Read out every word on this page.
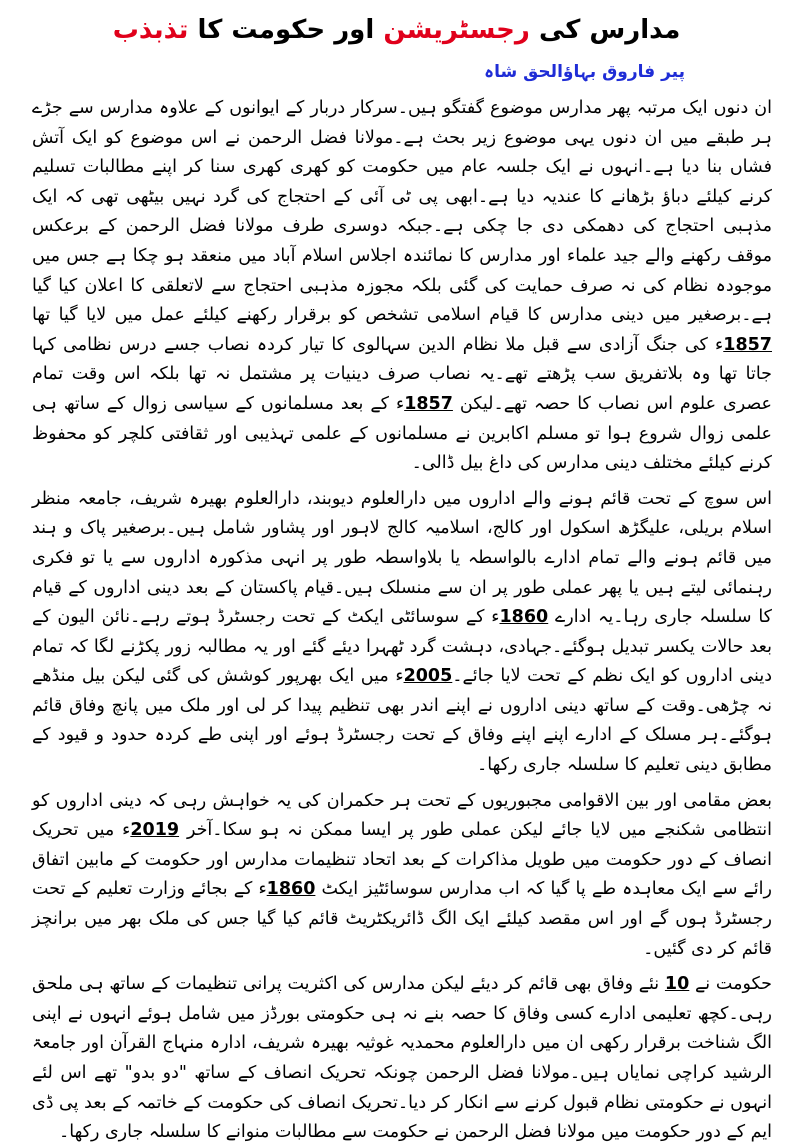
مدارس کی رجسٹریشن اور حکومت کا تذبذب
پیر فاروق بہاؤالحق شاہ

ان دنوں ایک مرتبہ پھر مدارس موضوع گفتگو ہیں۔سرکار دربار کے ایوانوں کے علاوہ مدارس سے جڑے ہر طبقے میں ان دنوں یہی موضوع زیر بحث ہے۔مولانا فضل الرحمن نے اس موضوع کو ایک آتش فشاں بنا دیا ہے۔انہوں نے ایک جلسہ عام میں حکومت کو کھری کھری سنا کر اپنے مطالبات تسلیم کرنے کیلئے دباؤ بڑھانے کا عندیہ دیا ہے۔ابھی پی ٹی آئی کے احتجاج کی گرد نہیں بیٹھی تھی کہ ایک مذہبی احتجاج کی دھمکی دی جا چکی ہے۔جبکہ دوسری طرف مولانا فضل الرحمن کے برعکس موقف رکھنے والے جید علماء اور مدارس کا نمائندہ اجلاس اسلام آباد میں منعقد ہو چکا ہے جس میں موجودہ نظام کی نہ صرف حمایت کی گئی بلکہ مجوزہ مذہبی احتجاج سے لاتعلقی کا اعلان کیا گیا ہے۔برصغیر میں دینی مدارس کا قیام اسلامی تشخص کو برقرار رکھنے کیلئے عمل میں لایا گیا تھا 1857ء کی جنگ آزادی سے قبل ملا نظام الدین سہالوی کا تیار کردہ نصاب جسے درس نظامی کہا جاتا تھا وہ بلاتفریق سب پڑھتے تھے۔یہ نصاب صرف دینیات پر مشتمل نہ تھا بلکہ اس وقت تمام عصری علوم اس نصاب کا حصہ تھے۔لیکن 1857ء کے بعد مسلمانوں کے سیاسی زوال کے ساتھ ہی علمی زوال شروع ہوا تو مسلم اکابرین نے مسلمانوں کے علمی تہذیبی اور ثقافتی کلچر کو محفوظ کرنے کیلئے مختلف دینی مدارس کی داغ بیل ڈالی۔

اس سوچ کے تحت قائم ہونے والے اداروں میں دارالعلوم دیوبند، دارالعلوم بھیرہ شریف، جامعہ منظر اسلام بریلی، علیگڑھ اسکول اور کالج، اسلامیہ کالج لاہور اور پشاور شامل ہیں۔برصغیر پاک و ہند میں قائم ہونے والے تمام ادارے بالواسطہ یا بلاواسطہ طور پر انہی مذکورہ اداروں سے یا تو فکری رہنمائی لیتے ہیں یا پھر عملی طور پر ان سے منسلک ہیں۔قیام پاکستان کے بعد دینی اداروں کے قیام کا سلسلہ جاری رہا۔یہ ادارے 1860ء کے سوسائٹی ایکٹ کے تحت رجسٹرڈ ہوتے رہے۔نائن الیون کے بعد حالات یکسر تبدیل ہوگئے۔جہادی، دہشت گرد ٹھہرا دیئے گئے اور یہ مطالبہ زور پکڑنے لگا کہ تمام دینی اداروں کو ایک نظم کے تحت لایا جائے۔2005ء میں ایک بھرپور کوشش کی گئی لیکن بیل منڈھے نہ چڑھی۔وقت کے ساتھ دینی اداروں نے اپنے اندر بھی تنظیم پیدا کر لی اور ملک میں پانچ وفاق قائم ہوگئے۔ہر مسلک کے ادارے اپنے اپنے وفاق کے تحت رجسٹرڈ ہوئے اور اپنی طے کردہ حدود و قیود کے مطابق دینی تعلیم کا سلسلہ جاری رکھا۔

بعض مقامی اور بین الاقوامی مجبوریوں کے تحت ہر حکمران کی یہ خواہش رہی کہ دینی اداروں کو انتظامی شکنجے میں لایا جائے لیکن عملی طور پر ایسا ممکن نہ ہو سکا۔آخر 2019ء میں تحریک انصاف کے دور حکومت میں طویل مذاکرات کے بعد اتحاد تنظیمات مدارس اور حکومت کے مابین اتفاق رائے سے ایک معاہدہ طے پا گیا کہ اب مدارس سوسائٹیز ایکٹ 1860ء کے بجائے وزارت تعلیم کے تحت رجسٹرڈ ہوں گے اور اس مقصد کیلئے ایک الگ ڈائریکٹریٹ قائم کیا گیا جس کی ملک بھر میں برانچز قائم کر دی گئیں۔

حکومت نے 10 نئے وفاق بھی قائم کر دیئے لیکن مدارس کی اکثریت پرانی تنظیمات کے ساتھ ہی ملحق رہی۔کچھ تعلیمی ادارے کسی وفاق کا حصہ بنے نہ ہی حکومتی بورڈز میں شامل ہوئے انہوں نے اپنی الگ شناخت برقرار رکھی ان میں دارالعلوم محمدیہ غوثیہ بھیرہ شریف، ادارہ منہاج القرآن اور جامعۃ الرشید کراچی نمایاں ہیں۔مولانا فضل الرحمن چونکہ تحریک انصاف کے ساتھ "دو بدو" تھے اس لئے انہوں نے حکومتی نظام قبول کرنے سے انکار کر دیا۔تحریک انصاف کی حکومت کے خاتمہ کے بعد پی ڈی ایم کے دور حکومت میں مولانا فضل الرحمن نے حکومت سے مطالبات منوانے کا سلسلہ جاری رکھا۔
